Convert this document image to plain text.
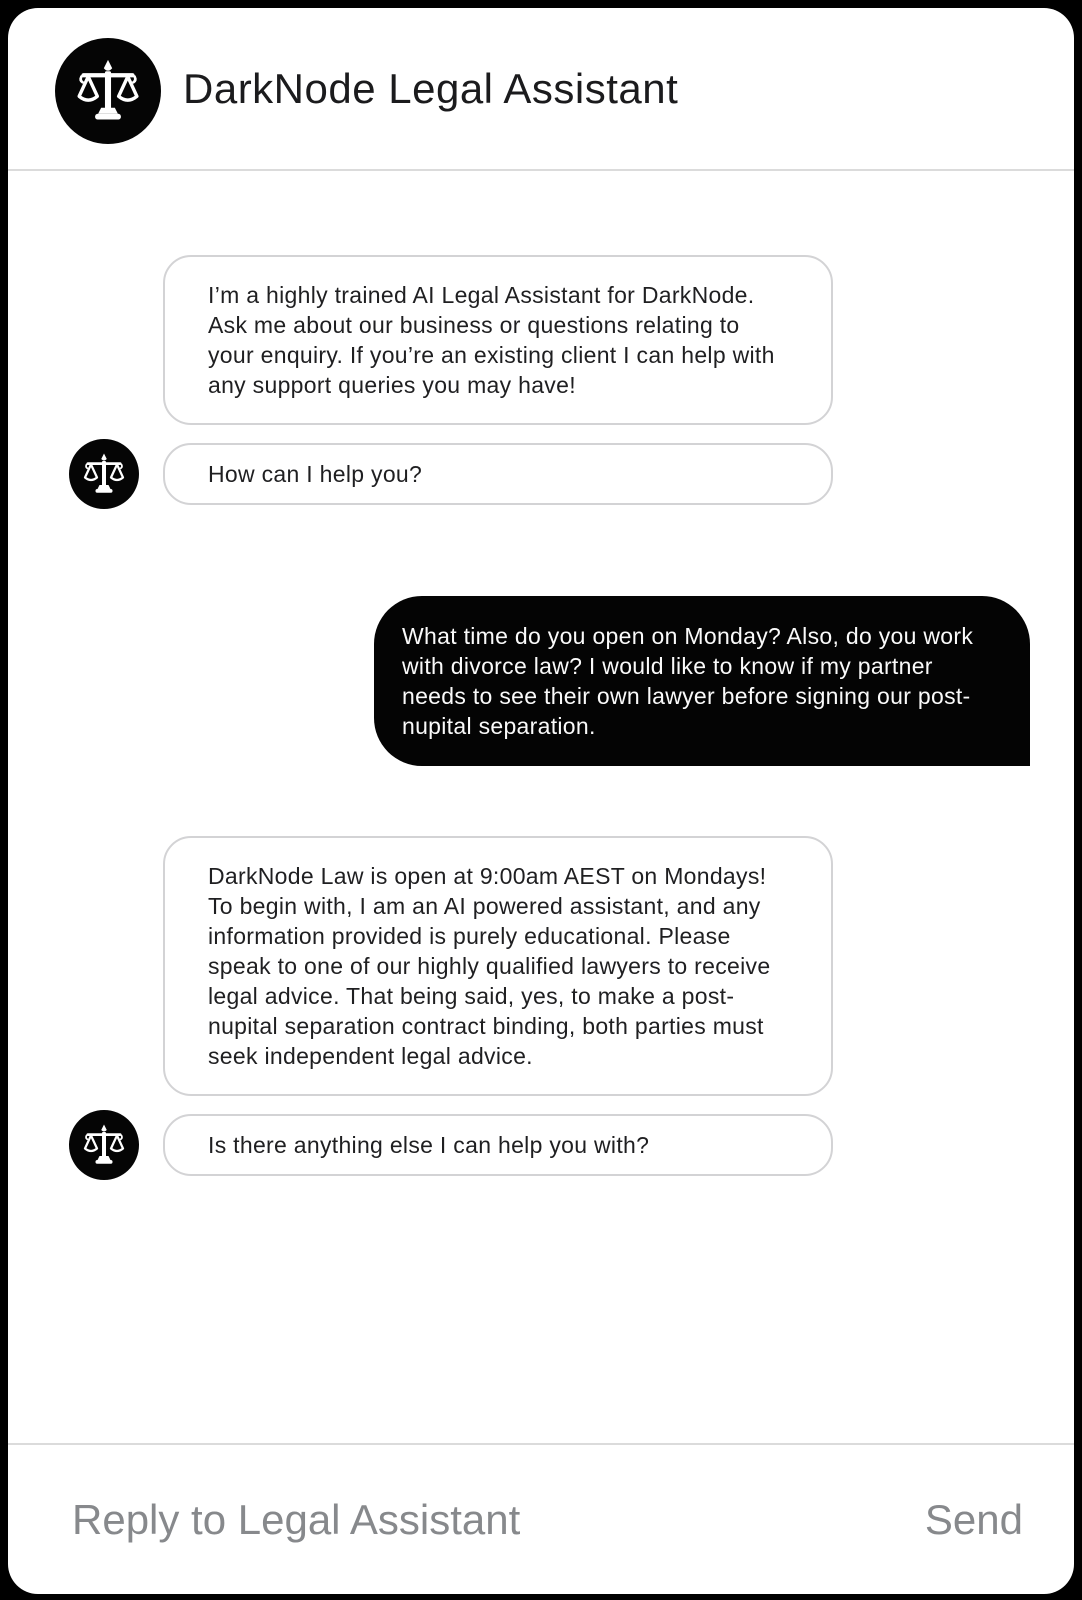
DarkNode Legal Assistant
I’m a highly trained AI Legal Assistant for DarkNode. Ask me about our business or questions relating to your enquiry. If you’re an existing client I can help with any support queries you may have!
How can I help you?
What time do you open on Monday? Also, do you work with divorce law? I would like to know if my partner needs to see their own lawyer before signing our post-nupital separation.
DarkNode Law is open at 9:00am AEST on Mondays! To begin with, I am an AI powered assistant, and any information provided is purely educational. Please speak to one of our highly qualified lawyers to receive legal advice. That being said, yes, to make a post-nupital separation contract binding, both parties must seek independent legal advice.
Is there anything else I can help you with?
Reply to Legal Assistant
Send
